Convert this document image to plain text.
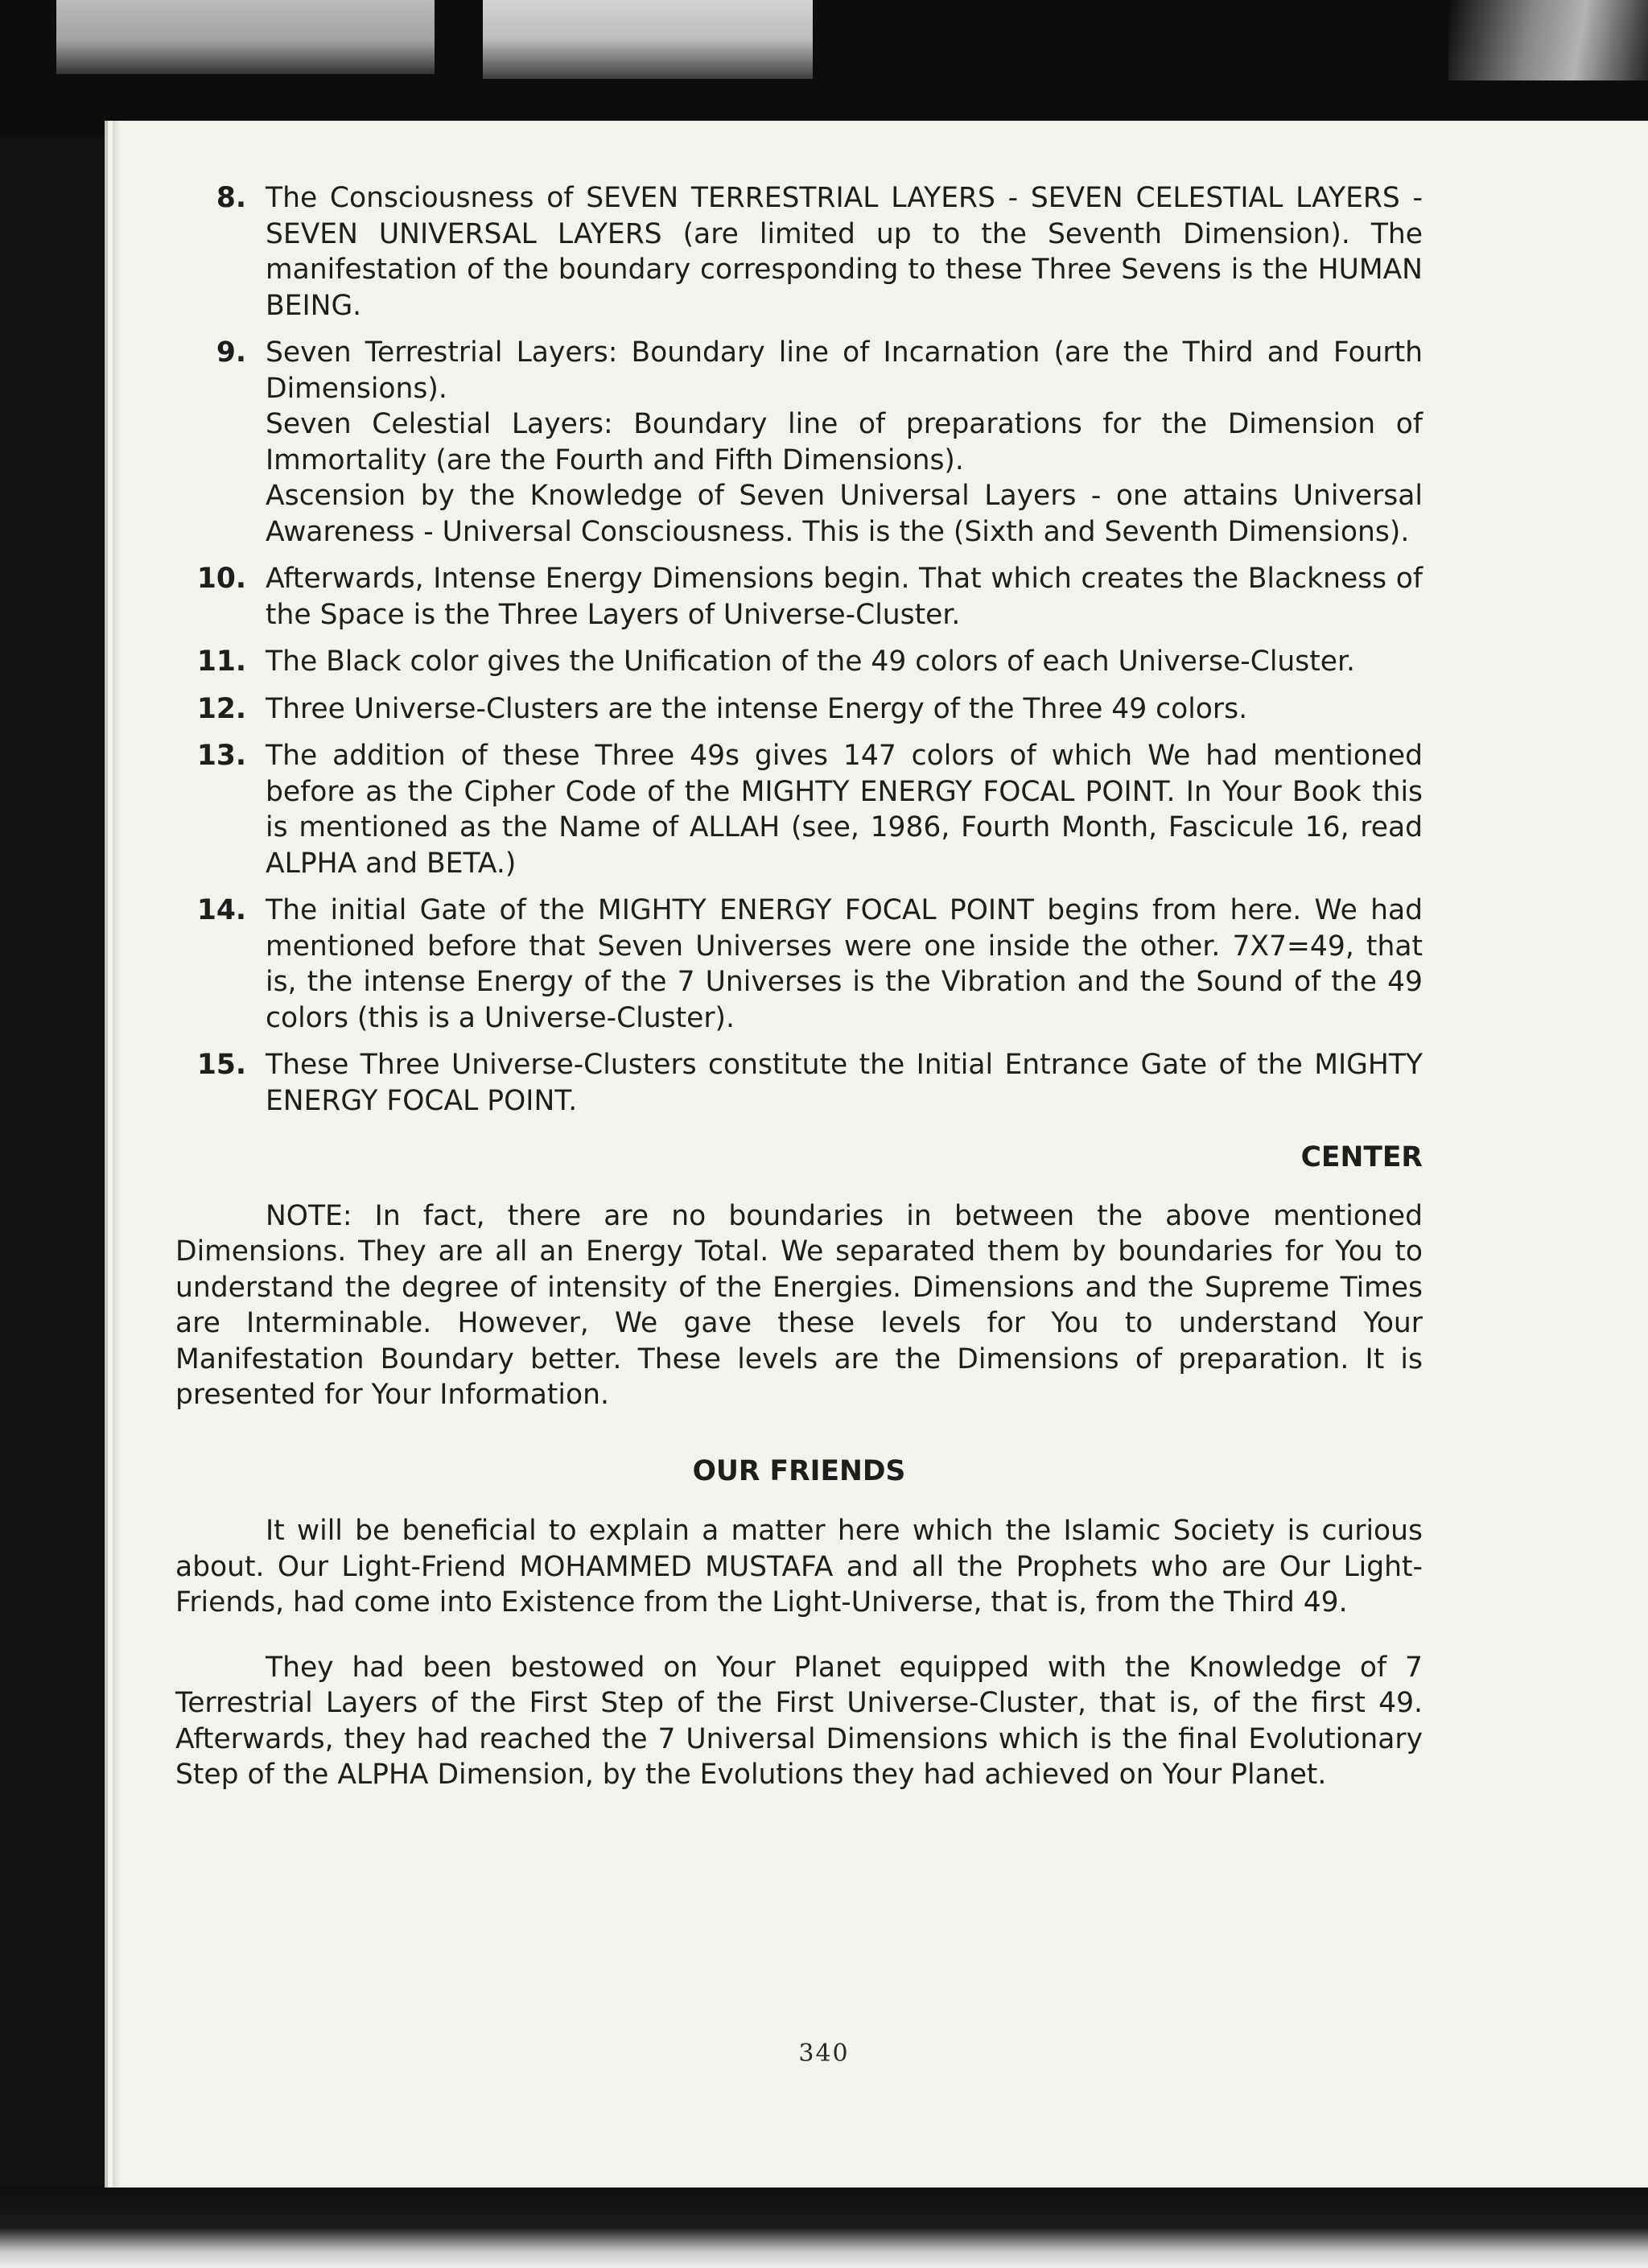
8. The Consciousness of SEVEN TERRESTRIAL LAYERS - SEVEN CELESTIAL LAYERS - SEVEN UNIVERSAL LAYERS (are limited up to the Seventh Dimension). The manifestation of the boundary corresponding to these Three Sevens is the HUMAN BEING.

9. Seven Terrestrial Layers: Boundary line of Incarnation (are the Third and Fourth Dimensions).

Seven Celestial Layers: Boundary line of preparations for the Dimension of Immortality (are the Fourth and Fifth Dimensions).

Ascension by the Knowledge of Seven Universal Layers - one attains Universal Awareness - Universal Consciousness. This is the (Sixth and Seventh Dimensions).

10. Afterwards, Intense Energy Dimensions begin. That which creates the Blackness of the Space is the Three Layers of Universe-Cluster.

11. The Black color gives the Unification of the 49 colors of each Universe-Cluster.

12. Three Universe-Clusters are the intense Energy of the Three 49 colors.

13. The addition of these Three 49s gives 147 colors of which We had mentioned before as the Cipher Code of the MIGHTY ENERGY FOCAL POINT. In Your Book this is mentioned as the Name of ALLAH (see, 1986, Fourth Month, Fascicule 16, read ALPHA and BETA.)

14. The initial Gate of the MIGHTY ENERGY FOCAL POINT begins from here. We had mentioned before that Seven Universes were one inside the other. 7X7=49, that is, the intense Energy of the 7 Universes is the Vibration and the Sound of the 49 colors (this is a Universe-Cluster).

15. These Three Universe-Clusters constitute the Initial Entrance Gate of the MIGHTY ENERGY FOCAL POINT.

CENTER

NOTE: In fact, there are no boundaries in between the above mentioned Dimensions. They are all an Energy Total. We separated them by boundaries for You to understand the degree of intensity of the Energies. Dimensions and the Supreme Times are Interminable. However, We gave these levels for You to understand Your Manifestation Boundary better. These levels are the Dimensions of preparation. It is presented for Your Information.

OUR FRIENDS

It will be beneficial to explain a matter here which the Islamic Society is curious about. Our Light-Friend MOHAMMED MUSTAFA and all the Prophets who are Our Light-Friends, had come into Existence from the Light-Universe, that is, from the Third 49.

They had been bestowed on Your Planet equipped with the Knowledge of 7 Terrestrial Layers of the First Step of the First Universe-Cluster, that is, of the first 49. Afterwards, they had reached the 7 Universal Dimensions which is the final Evolutionary Step of the ALPHA Dimension, by the Evolutions they had achieved on Your Planet.

340
